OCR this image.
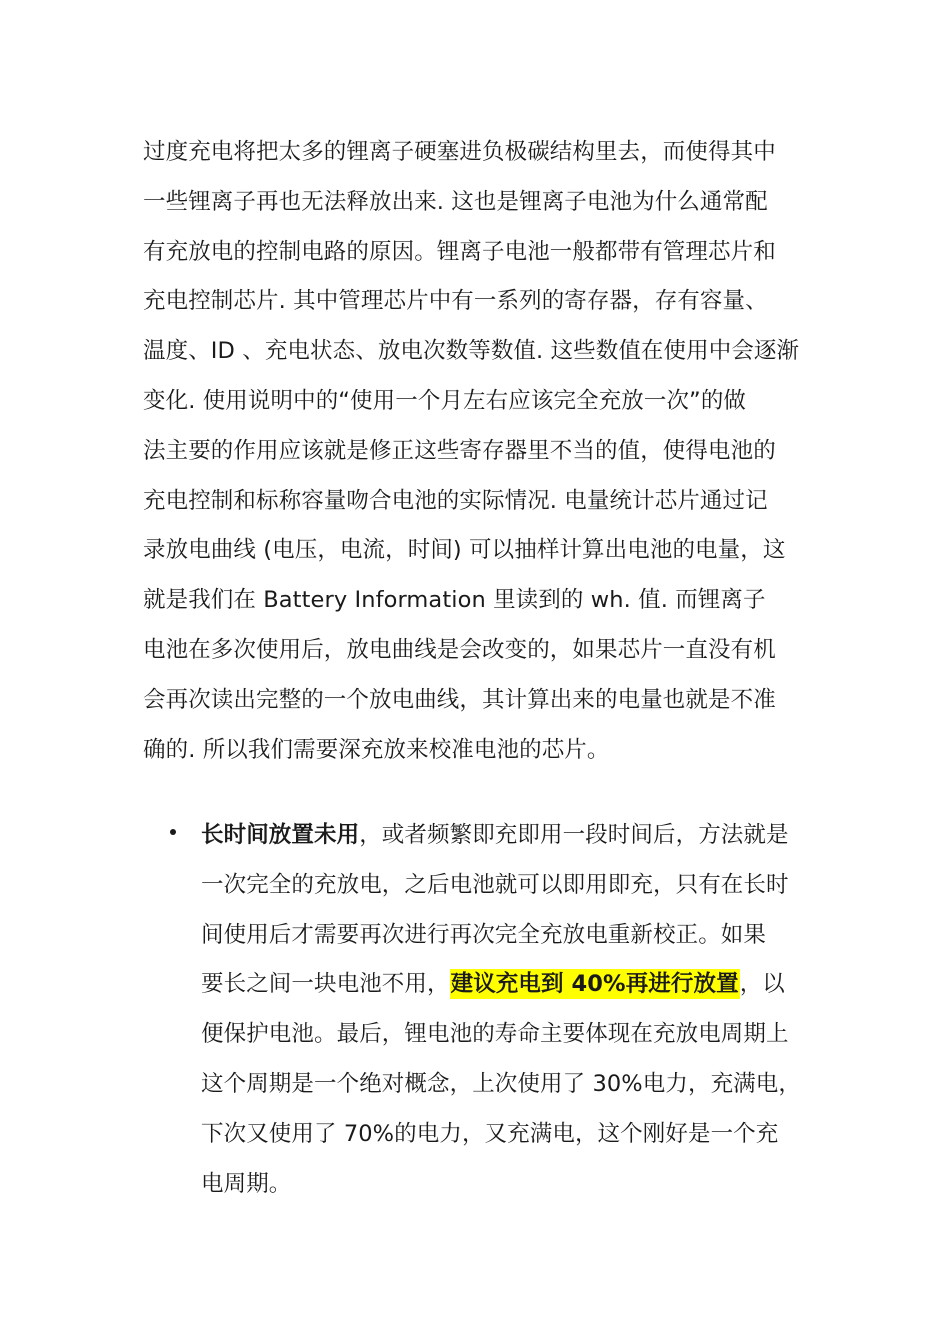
过度充电将把太多的锂离子硬塞进负极碳结构里去，而使得其中
一些锂离子再也无法释放出来. 这也是锂离子电池为什么通常配
有充放电的控制电路的原因。锂离子电池一般都带有管理芯片和
充电控制芯片. 其中管理芯片中有一系列的寄存器，存有容量、
温度、ID 、充电状态、放电次数等数值. 这些数值在使用中会逐渐
变化. 使用说明中的“使用一个月左右应该完全充放一次”的做
法主要的作用应该就是修正这些寄存器里不当的值，使得电池的
充电控制和标称容量吻合电池的实际情况. 电量统计芯片通过记
录放电曲线 (电压，电流，时间) 可以抽样计算出电池的电量，这
就是我们在 Battery Information 里读到的 wh. 值. 而锂离子
电池在多次使用后，放电曲线是会改变的，如果芯片一直没有机
会再次读出完整的一个放电曲线，其计算出来的电量也就是不准
确的. 所以我们需要深充放来校准电池的芯片。
长时间放置未用，或者频繁即充即用一段时间后，方法就是
一次完全的充放电，之后电池就可以即用即充，只有在长时
间使用后才需要再次进行再次完全充放电重新校正。如果
要长之间一块电池不用，建议充电到 40%再进行放置，以
便保护电池。最后，锂电池的寿命主要体现在充放电周期上
这个周期是一个绝对概念，上次使用了 30%电力，充满电，
下次又使用了 70%的电力，又充满电，这个刚好是一个充
电周期。
